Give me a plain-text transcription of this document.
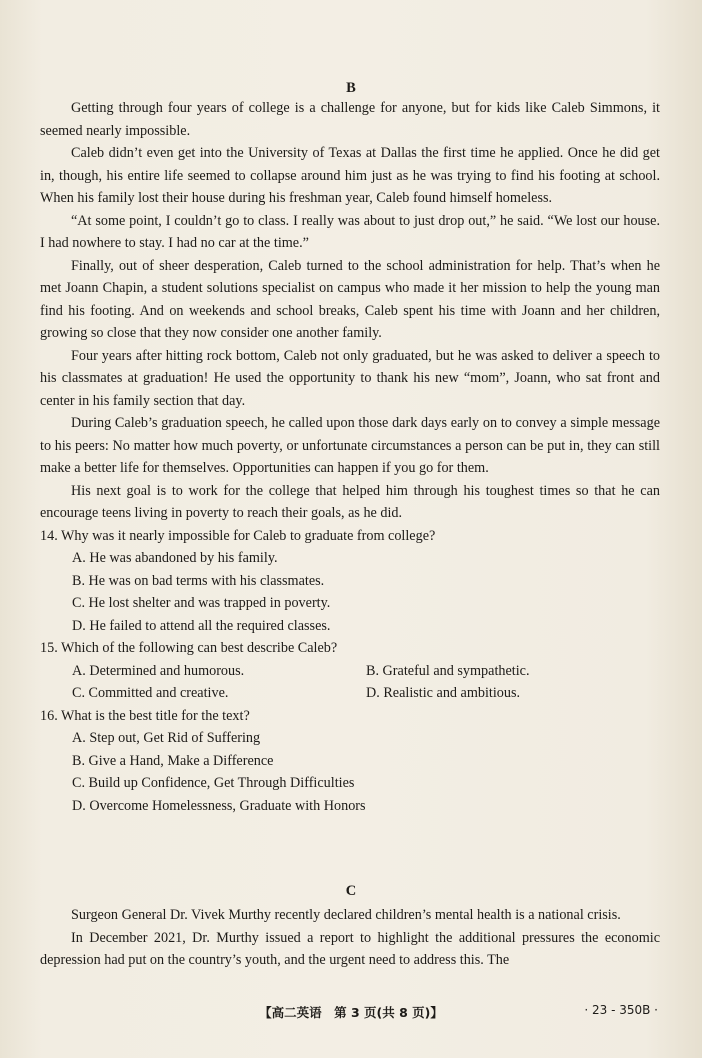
B

Getting through four years of college is a challenge for anyone, but for kids like Caleb Simmons, it seemed nearly impossible.

Caleb didn’t even get into the University of Texas at Dallas the first time he applied. Once he did get in, though, his entire life seemed to collapse around him just as he was trying to find his footing at school. When his family lost their house during his freshman year, Caleb found himself homeless.

“At some point, I couldn’t go to class. I really was about to just drop out,” he said. “We lost our house. I had nowhere to stay. I had no car at the time.”

Finally, out of sheer desperation, Caleb turned to the school administration for help. That’s when he met Joann Chapin, a student solutions specialist on campus who made it her mission to help the young man find his footing. And on weekends and school breaks, Caleb spent his time with Joann and her children, growing so close that they now consider one another family.

Four years after hitting rock bottom, Caleb not only graduated, but he was asked to deliver a speech to his classmates at graduation! He used the opportunity to thank his new “mom”, Joann, who sat front and center in his family section that day.

During Caleb’s graduation speech, he called upon those dark days early on to convey a simple message to his peers: No matter how much poverty, or unfortunate circumstances a person can be put in, they can still make a better life for themselves. Opportunities can happen if you go for them.

His next goal is to work for the college that helped him through his toughest times so that he can encourage teens living in poverty to reach their goals, as he did.

14. Why was it nearly impossible for Caleb to graduate from college?
A. He was abandoned by his family.
B. He was on bad terms with his classmates.
C. He lost shelter and was trapped in poverty.
D. He failed to attend all the required classes.
15. Which of the following can best describe Caleb?
A. Determined and humorous.	B. Grateful and sympathetic.
C. Committed and creative.	D. Realistic and ambitious.
16. What is the best title for the text?
A. Step out, Get Rid of Suffering
B. Give a Hand, Make a Difference
C. Build up Confidence, Get Through Difficulties
D. Overcome Homelessness, Graduate with Honors
C

Surgeon General Dr. Vivek Murthy recently declared children’s mental health is a national crisis.

In December 2021, Dr. Murthy issued a report to highlight the additional pressures the economic depression had put on the country’s youth, and the urgent need to address this. The

【高二英语　第 3 页(共 8 页)】	· 23 - 350B ·
